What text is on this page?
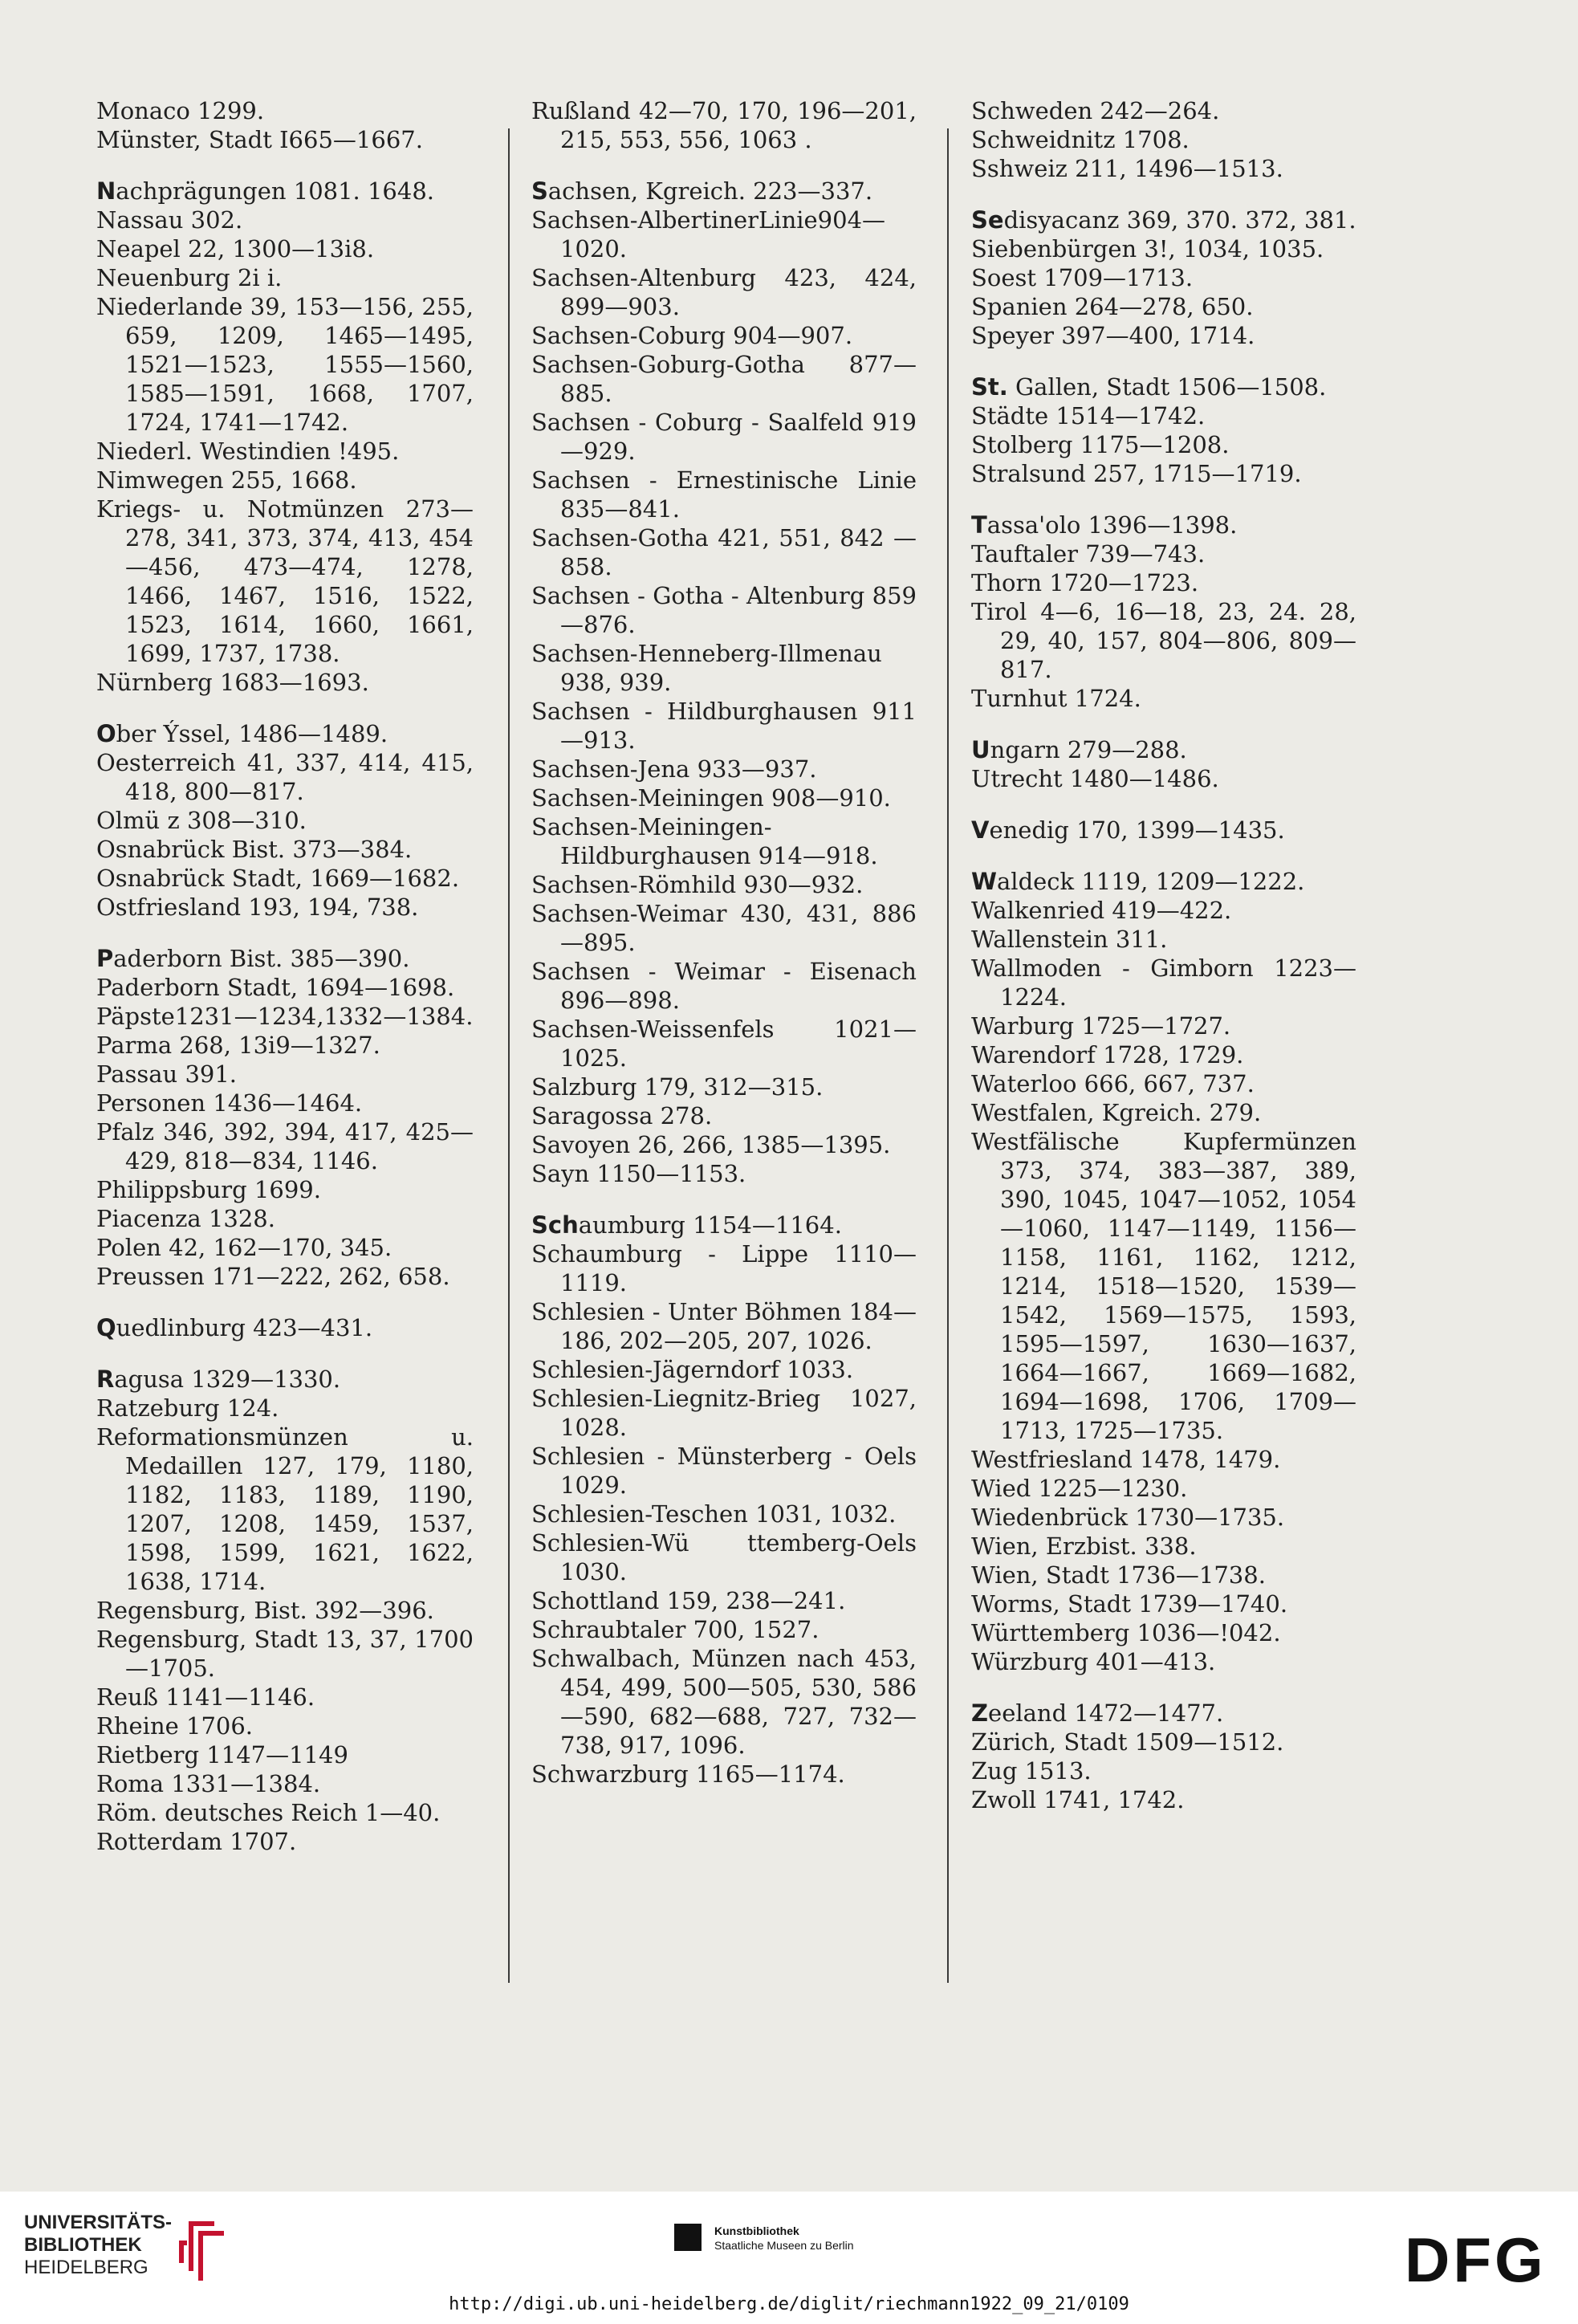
Monaco 1299.
Münster, Stadt I665—1667.
Nachprägungen 1081. 1648.
Nassau 302.
Neapel 22, 1300—13i8.
Neuenburg 2i i.
Niederlande 39, 153—156, 255, 659, 1209, 1465—1495, 1521—1523, 1555—1560, 1585—1591, 1668, 1707, 1724, 1741—1742.
Niederl. Westindien !495.
Nimwegen 255, 1668.
Kriegs- u. Notmünzen 273—278, 341, 373, 374, 413, 454—456, 473—474, 1278, 1466, 1467, 1516, 1522, 1523, 1614, 1660, 1661, 1699, 1737, 1738.
Nürnberg 1683—1693.
Ober Ýssel, 1486—1489.
Oesterreich 41, 337, 414, 415, 418, 800—817.
Olmü z 308—310.
Osnabrück Bist. 373—384.
Osnabrück Stadt, 1669—1682.
Ostfriesland 193, 194, 738.
Paderborn Bist. 385—390.
Paderborn Stadt, 1694—1698.
Päpste1231—1234,1332—1384.
Parma 268, 13i9—1327.
Passau 391.
Personen 1436—1464.
Pfalz 346, 392, 394, 417, 425—429, 818—834, 1146.
Philippsburg 1699.
Piacenza 1328.
Polen 42, 162—170, 345.
Preussen 171—222, 262, 658.
Quedlinburg 423—431.
Ragusa 1329—1330.
Ratzeburg 124.
Reformationsmünzen u. Medaillen 127, 179, 1180, 1182, 1183, 1189, 1190, 1207, 1208, 1459, 1537, 1598, 1599, 1621, 1622, 1638, 1714.
Regensburg, Bist. 392—396.
Regensburg, Stadt 13, 37, 1700—1705.
Reuß 1141—1146.
Rheine 1706.
Rietberg 1147—1149
Roma 1331—1384.
Röm. deutsches Reich 1—40.
Rotterdam 1707.
Rußland 42—70, 170, 196—201, 215, 553, 556, 1063 .
Sachsen, Kgreich. 223—337.
Sachsen-AlbertinerLinie904—1020.
Sachsen-Altenburg 423, 424, 899—903.
Sachsen-Coburg 904—907.
Sachsen-Goburg-Gotha 877—885.
Sachsen - Coburg - Saalfeld 919—929.
Sachsen - Ernestinische Linie 835—841.
Sachsen-Gotha 421, 551, 842 — 858.
Sachsen - Gotha - Altenburg 859—876.
Sachsen-Henneberg-Illmenau 938, 939.
Sachsen - Hildburghausen 911—913.
Sachsen-Jena 933—937.
Sachsen-Meiningen 908—910.
Sachsen-Meiningen-Hildburghausen 914—918.
Sachsen-Römhild 930—932.
Sachsen-Weimar 430, 431, 886—895.
Sachsen - Weimar - Eisenach 896—898.
Sachsen-Weissenfels 1021—1025.
Salzburg 179, 312—315.
Saragossa 278.
Savoyen 26, 266, 1385—1395.
Sayn 1150—1153.
Schaumburg 1154—1164.
Schaumburg - Lippe 1110—1119.
Schlesien - Unter Böhmen 184—186, 202—205, 207, 1026.
Schlesien-Jägerndorf 1033.
Schlesien-Liegnitz-Brieg 1027, 1028.
Schlesien - Münsterberg - Oels 1029.
Schlesien-Teschen 1031, 1032.
Schlesien-Wü ttemberg-Oels 1030.
Schottland 159, 238—241.
Schraubtaler 700, 1527.
Schwalbach, Münzen nach 453, 454, 499, 500—505, 530, 586—590, 682—688, 727, 732—738, 917, 1096.
Schwarzburg 1165—1174.
Schweden 242—264.
Schweidnitz 1708.
Sshweiz 211, 1496—1513.
Sedisyacanz 369, 370. 372, 381.
Siebenbürgen 3!, 1034, 1035.
Soest 1709—1713.
Spanien 264—278, 650.
Speyer 397—400, 1714.
St. Gallen, Stadt 1506—1508.
Städte 1514—1742.
Stolberg 1175—1208.
Stralsund 257, 1715—1719.
Tassa'olo 1396—1398.
Tauftaler 739—743.
Thorn 1720—1723.
Tirol 4—6, 16—18, 23, 24. 28, 29, 40, 157, 804—806, 809—817.
Turnhut 1724.
Ungarn 279—288.
Utrecht 1480—1486.
Venedig 170, 1399—1435.
Waldeck 1119, 1209—1222.
Walkenried 419—422.
Wallenstein 311.
Wallmoden - Gimborn 1223—1224.
Warburg 1725—1727.
Warendorf 1728, 1729.
Waterloo 666, 667, 737.
Westfalen, Kgreich. 279.
Westfälische Kupfermünzen 373, 374, 383—387, 389, 390, 1045, 1047—1052, 1054—1060, 1147—1149, 1156—1158, 1161, 1162, 1212, 1214, 1518—1520, 1539—1542, 1569—1575, 1593, 1595—1597, 1630—1637, 1664—1667, 1669—1682, 1694—1698, 1706, 1709—1713, 1725—1735.
Westfriesland 1478, 1479.
Wied 1225—1230.
Wiedenbrück 1730—1735.
Wien, Erzbist. 338.
Wien, Stadt 1736—1738.
Worms, Stadt 1739—1740.
Württemberg 1036—!042.
Würzburg 401—413.
Zeeland 1472—1477.
Zürich, Stadt 1509—1512.
Zug 1513.
Zwoll 1741, 1742.
UNIVERSITÄTS-
BIBLIOTHEK
HEIDELBERG
Kunstbibliothek
Staatliche Museen zu Berlin	DFG
http://digi.ub.uni-heidelberg.de/diglit/riechmann1922_09_21/0109
